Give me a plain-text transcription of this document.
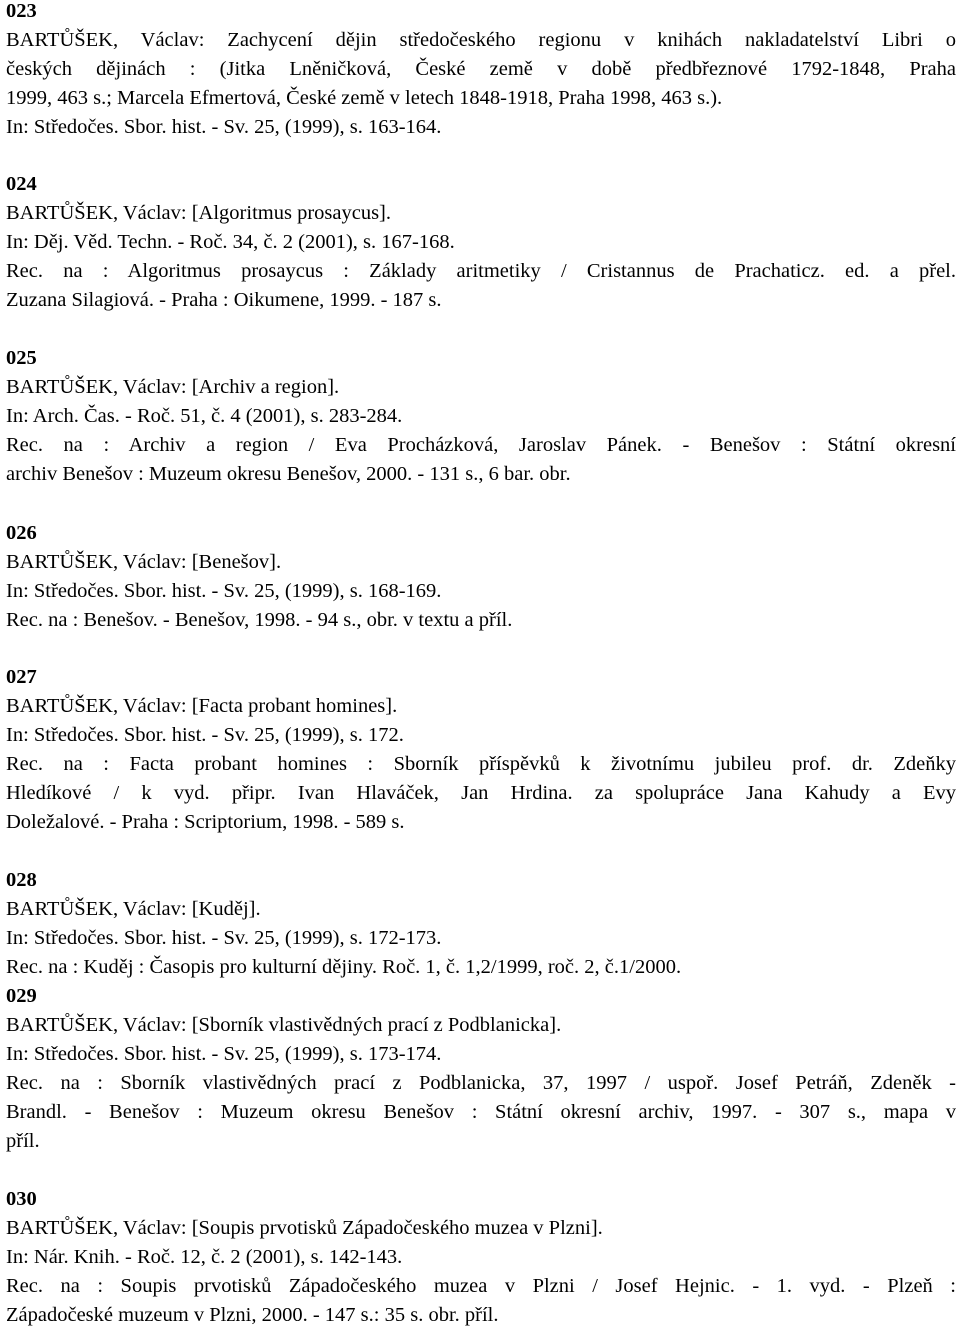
023
BARTŮŠEK, Václav: Zachycení dějin středočeského regionu v knihách nakladatelství Libri o
českých dějinách : (Jitka Lněničková, České země v době předbřeznové 1792-1848, Praha
1999, 463 s.; Marcela Efmertová, České země v letech 1848-1918, Praha 1998, 463 s.).
In: Středočes. Sbor. hist. - Sv. 25, (1999), s. 163-164.
024
BARTŮŠEK, Václav: [Algoritmus prosaycus].
In: Děj. Věd. Techn. - Roč. 34, č. 2 (2001), s. 167-168.
Rec. na : Algoritmus prosaycus : Základy aritmetiky / Cristannus de Prachaticz. ed. a přel.
Zuzana Silagiová. - Praha : Oikumene, 1999. - 187 s.
025
BARTŮŠEK, Václav: [Archiv a region].
In: Arch. Čas. - Roč. 51, č. 4 (2001), s. 283-284.
Rec. na : Archiv a region / Eva Procházková, Jaroslav Pánek. - Benešov : Státní okresní
archiv Benešov : Muzeum okresu Benešov, 2000. - 131 s., 6 bar. obr.
026
BARTŮŠEK, Václav: [Benešov].
In: Středočes. Sbor. hist. - Sv. 25, (1999), s. 168-169.
Rec. na : Benešov. - Benešov, 1998. - 94 s., obr. v textu a příl.
027
BARTŮŠEK, Václav: [Facta probant homines].
In: Středočes. Sbor. hist. - Sv. 25, (1999), s. 172.
Rec. na : Facta probant homines : Sborník příspěvků k životnímu jubileu prof. dr. Zdeňky
Hledíkové / k vyd. připr. Ivan Hlaváček, Jan Hrdina. za spolupráce Jana Kahudy a Evy
Doležalové. - Praha : Scriptorium, 1998. - 589 s.
028
BARTŮŠEK, Václav: [Kuděj].
In: Středočes. Sbor. hist. - Sv. 25, (1999), s. 172-173.
Rec. na : Kuděj : Časopis pro kulturní dějiny. Roč. 1, č. 1,2/1999, roč. 2, č.1/2000.
029
BARTŮŠEK, Václav: [Sborník vlastivědných prací z Podblanicka].
In: Středočes. Sbor. hist. - Sv. 25, (1999), s. 173-174.
Rec. na : Sborník vlastivědných prací z Podblanicka, 37, 1997 / uspoř. Josef Petráň, Zdeněk -
Brandl. - Benešov : Muzeum okresu Benešov : Státní okresní archiv, 1997. - 307 s., mapa v
příl.
030
BARTŮŠEK, Václav: [Soupis prvotisků Západočeského muzea v Plzni].
In: Nár. Knih. - Roč. 12, č. 2 (2001), s. 142-143.
Rec. na : Soupis prvotisků Západočeského muzea v Plzni / Josef Hejnic. - 1. vyd. - Plzeň :
Západočeské muzeum v Plzni, 2000. - 147 s.: 35 s. obr. příl.
